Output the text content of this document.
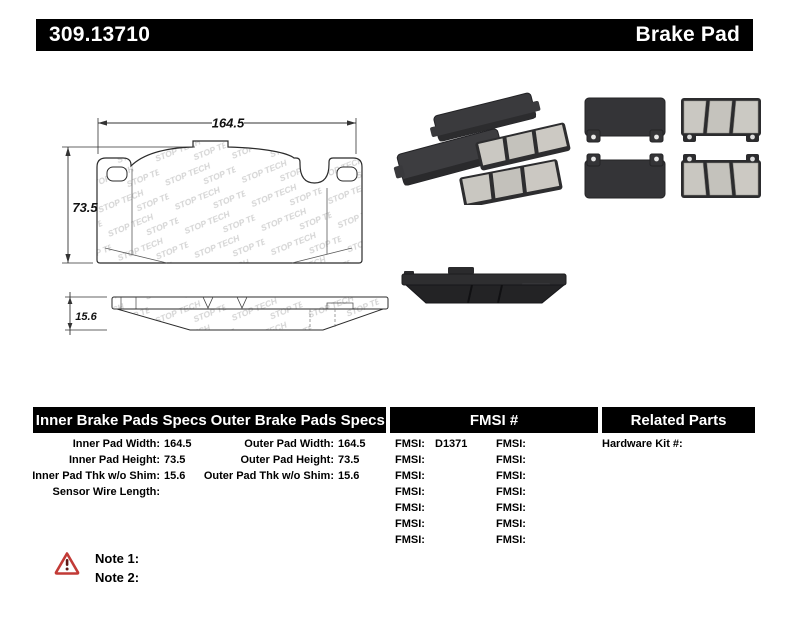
309.13710	Brake Pad
164.5
73.5
15.6
Inner Brake Pads Specs Outer Brake Pads Specs	FMSI #	Related Parts
Inner Pad Width: 164.5
Inner Pad Height: 73.5
Inner Pad Thk w/o Shim: 15.6
Sensor Wire Length:
Outer Pad Width: 164.5
Outer Pad Height: 73.5
Outer Pad Thk w/o Shim: 15.6
FMSI: D1371
FMSI:
FMSI:
FMSI:
FMSI:
FMSI:
FMSI:
FMSI:
FMSI:
FMSI:
FMSI:
FMSI:
FMSI:
FMSI:
Hardware Kit #:
Note 1:
Note 2:
